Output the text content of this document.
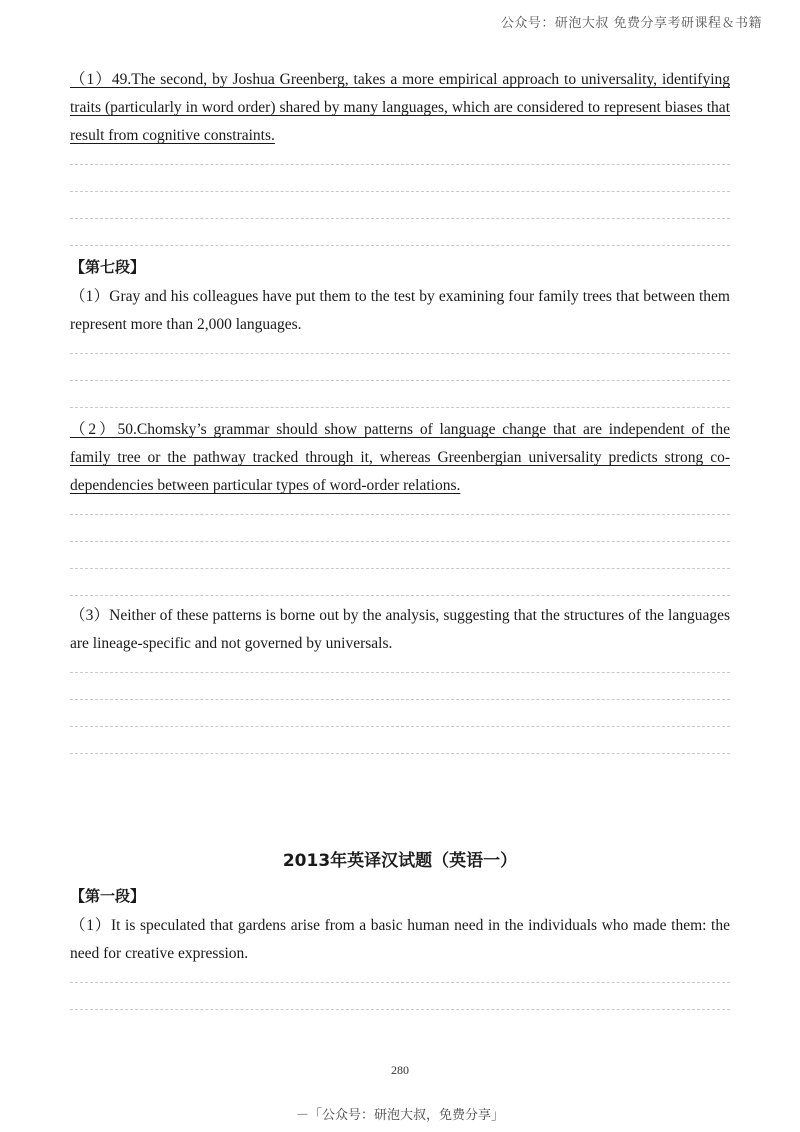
公众号：研泡大叔 免费分享考研课程＆书籍

（1）49.The second, by Joshua Greenberg, takes a more empirical approach to universality, identifying traits (particularly in word order) shared by many languages, which are considered to represent biases that result from cognitive constraints.

【第七段】

（1）Gray and his colleagues have put them to the test by examining four family trees that between them represent more than 2,000 languages.

（2）50.Chomsky’s grammar should show patterns of language change that are independent of the family tree or the pathway tracked through it, whereas Greenbergian universality predicts strong co-dependencies between particular types of word-order relations.

（3）Neither of these patterns is borne out by the analysis, suggesting that the structures of the languages are lineage-specific and not governed by universals.

2013年英译汉试题（英语一）

【第一段】

（1）It is speculated that gardens arise from a basic human need in the individuals who made them: the need for creative expression.

280
－「公众号：研泡大叔，免费分享」
